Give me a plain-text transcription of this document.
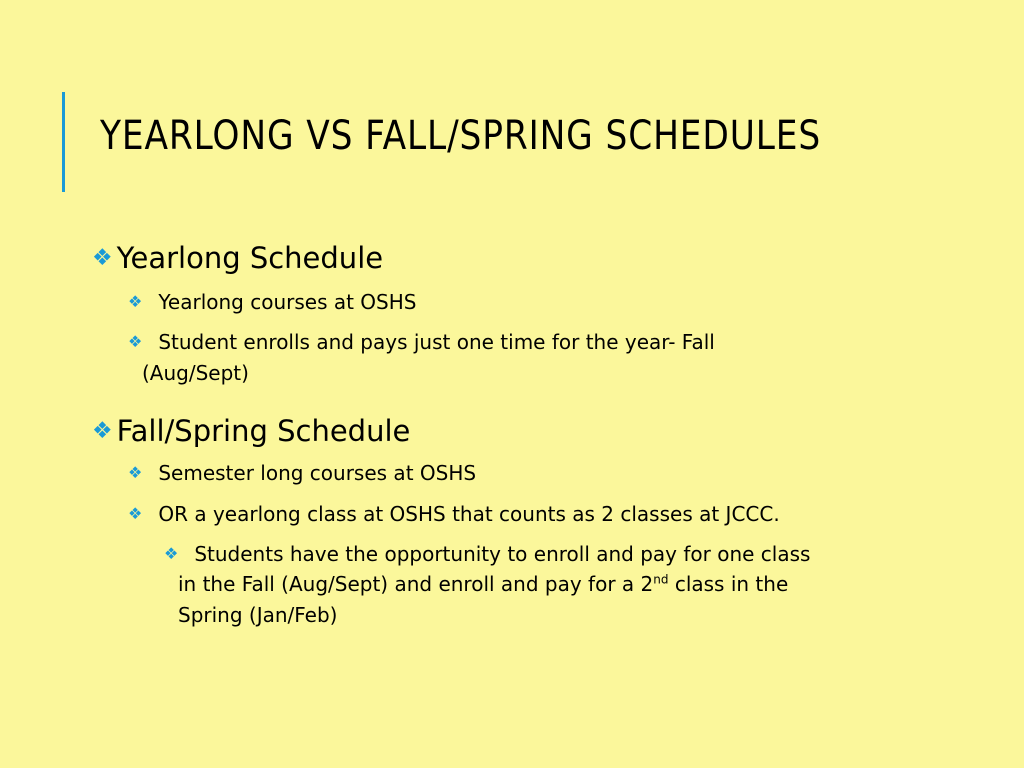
YEARLONG VS FALL/SPRING SCHEDULES
❖ Yearlong Schedule
❖ Yearlong courses at OSHS
❖ Student enrolls and pays just one time for the year- Fall
(Aug/Sept)
❖ Fall/Spring Schedule
❖ Semester long courses at OSHS
❖ OR a yearlong class at OSHS that counts as 2 classes at JCCC.
❖ Students have the opportunity to enroll and pay for one class
in the Fall (Aug/Sept) and enroll and pay for a 2nd class in the
Spring (Jan/Feb)
